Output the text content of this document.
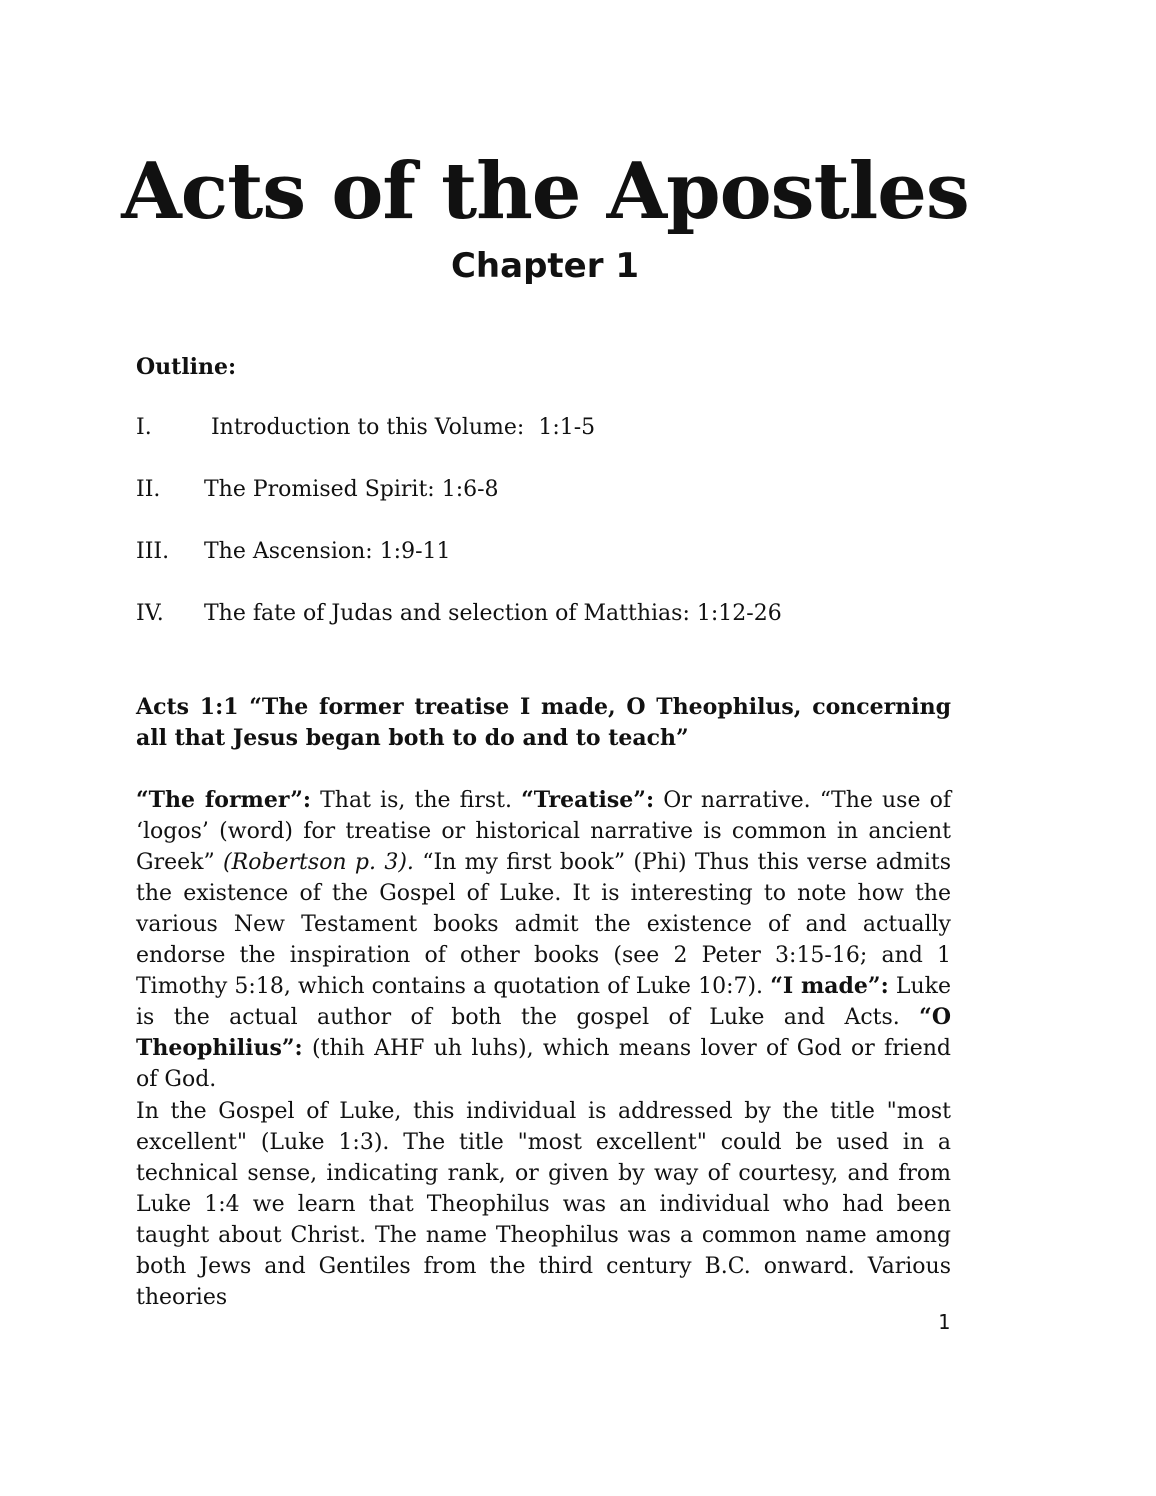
Acts of the Apostles
Chapter 1
Outline:
I. Introduction to this Volume:  1:1-5
II. The Promised Spirit: 1:6-8
III. The Ascension: 1:9-11
IV. The fate of Judas and selection of Matthias: 1:12-26

Acts 1:1 “The former treatise I made, O Theophilus, concerning all that Jesus began both to do and to teach”

“The former”: That is, the first. “Treatise”: Or narrative. “The use of ‘logos’ (word) for treatise or historical narrative is common in ancient Greek” (Robertson p. 3). “In my first book” (Phi) Thus this verse admits the existence of the Gospel of Luke. It is interesting to note how the various New Testament books admit the existence of and actually endorse the inspiration of other books (see 2 Peter 3:15-16; and 1 Timothy 5:18, which contains a quotation of Luke 10:7). “I made”: Luke is the actual author of both the gospel of Luke and Acts. “O Theophilius”: (thih AHF uh luhs), which means lover of God or friend of God.

In the Gospel of Luke, this individual is addressed by the title "most excellent" (Luke 1:3). The title "most excellent" could be used in a technical sense, indicating rank, or given by way of courtesy, and from Luke 1:4 we learn that Theophilus was an individual who had been taught about Christ. The name Theophilus was a common name among both Jews and Gentiles from the third century B.C. onward. Various theories

1
